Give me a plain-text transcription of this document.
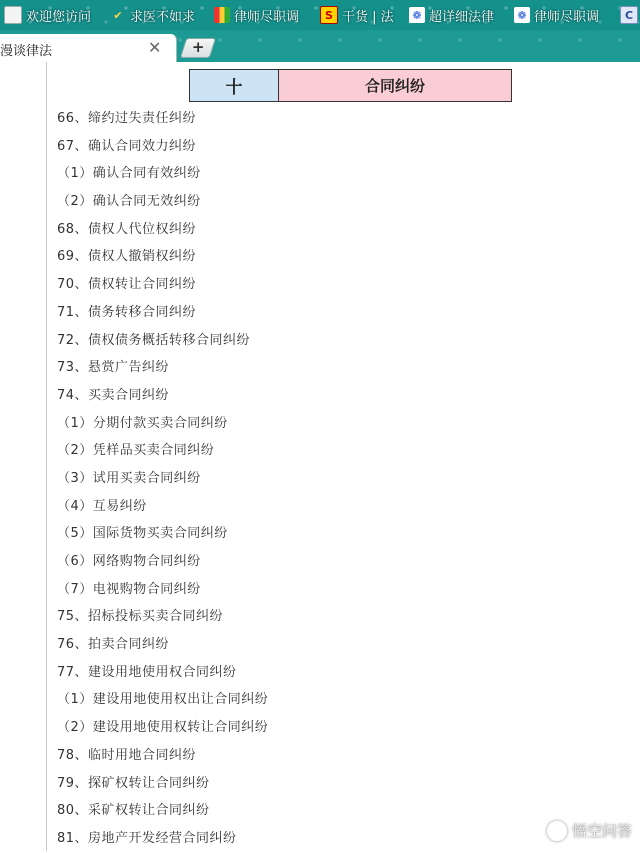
欢迎您访问	✔ 求医不如求	律师尽职调	S 干货 | 法	❁ 超详细法律	❁ 律师尽职调	C
漫谈律法	✕	+
十	合同纠纷
66、缔约过失责任纠纷
67、确认合同效力纠纷
（1）确认合同有效纠纷
（2）确认合同无效纠纷
68、债权人代位权纠纷
69、债权人撤销权纠纷
70、债权转让合同纠纷
71、债务转移合同纠纷
72、债权债务概括转移合同纠纷
73、悬赏广告纠纷
74、买卖合同纠纷
（1）分期付款买卖合同纠纷
（2）凭样品买卖合同纠纷
（3）试用买卖合同纠纷
（4）互易纠纷
（5）国际货物买卖合同纠纷
（6）网络购物合同纠纷
（7）电视购物合同纠纷
75、招标投标买卖合同纠纷
76、拍卖合同纠纷
77、建设用地使用权合同纠纷
（1）建设用地使用权出让合同纠纷
（2）建设用地使用权转让合同纠纷
78、临时用地合同纠纷
79、探矿权转让合同纠纷
80、采矿权转让合同纠纷
81、房地产开发经营合同纠纷	悟空问答
